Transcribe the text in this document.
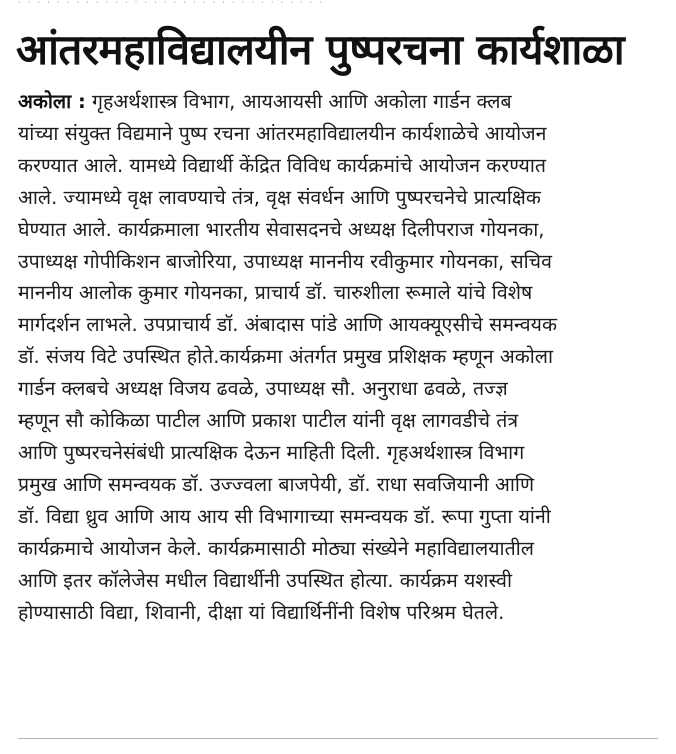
· · · · · · · · · · · · · · · · · · · · · · · · · · · · · · · ·
आंतरमहाविद्यालयीन पुष्परचना कार्यशाळा
अकोला : गृहअर्थशास्त्र विभाग, आयआयसी आणि अकोला गार्डन क्लब
यांच्या संयुक्त विद्यमाने पुष्प रचना आंतरमहाविद्यालयीन कार्यशाळेचे आयोजन
करण्यात आले. यामध्ये विद्यार्थी केंद्रित विविध कार्यक्रमांचे आयोजन करण्यात
आले. ज्यामध्ये वृक्ष लावण्याचे तंत्र, वृक्ष संवर्धन आणि पुष्परचनेचे प्रात्यक्षिक
घेण्यात आले. कार्यक्रमाला भारतीय सेवासदनचे अध्यक्ष दिलीपराज गोयनका,
उपाध्यक्ष गोपीकिशन बाजोरिया, उपाध्यक्ष माननीय रवीकुमार गोयनका, सचिव
माननीय आलोक कुमार गोयनका, प्राचार्य डॉ. चारुशीला रूमाले यांचे विशेष
मार्गदर्शन लाभले. उपप्राचार्य डॉ. अंबादास पांडे आणि आयक्यूएसीचे समन्वयक
डॉ. संजय विटे उपस्थित होते.कार्यक्रमा अंतर्गत प्रमुख प्रशिक्षक म्हणून अकोला
गार्डन क्लबचे अध्यक्ष विजय ढवळे, उपाध्यक्ष सौ. अनुराधा ढवळे, तज्ज्ञ
म्हणून सौ कोकिळा पाटील आणि प्रकाश पाटील यांनी वृक्ष लागवडीचे तंत्र
आणि पुष्परचनेसंबंधी प्रात्यक्षिक देऊन माहिती दिली. गृहअर्थशास्त्र विभाग
प्रमुख आणि समन्वयक डॉ. उज्ज्वला बाजपेयी, डॉ. राधा सवजियानी आणि
डॉ. विद्या ध्रुव आणि आय आय सी विभागाच्या समन्वयक डॉ. रूपा गुप्ता यांनी
कार्यक्रमाचे आयोजन केले. कार्यक्रमासाठी मोठ्या संख्येने महाविद्यालयातील
आणि इतर कॉलेजेस मधील विद्यार्थीनी उपस्थित होत्या. कार्यक्रम यशस्वी
होण्यासाठी विद्या, शिवानी, दीक्षा यां विद्यार्थिनींनी विशेष परिश्रम घेतले.
